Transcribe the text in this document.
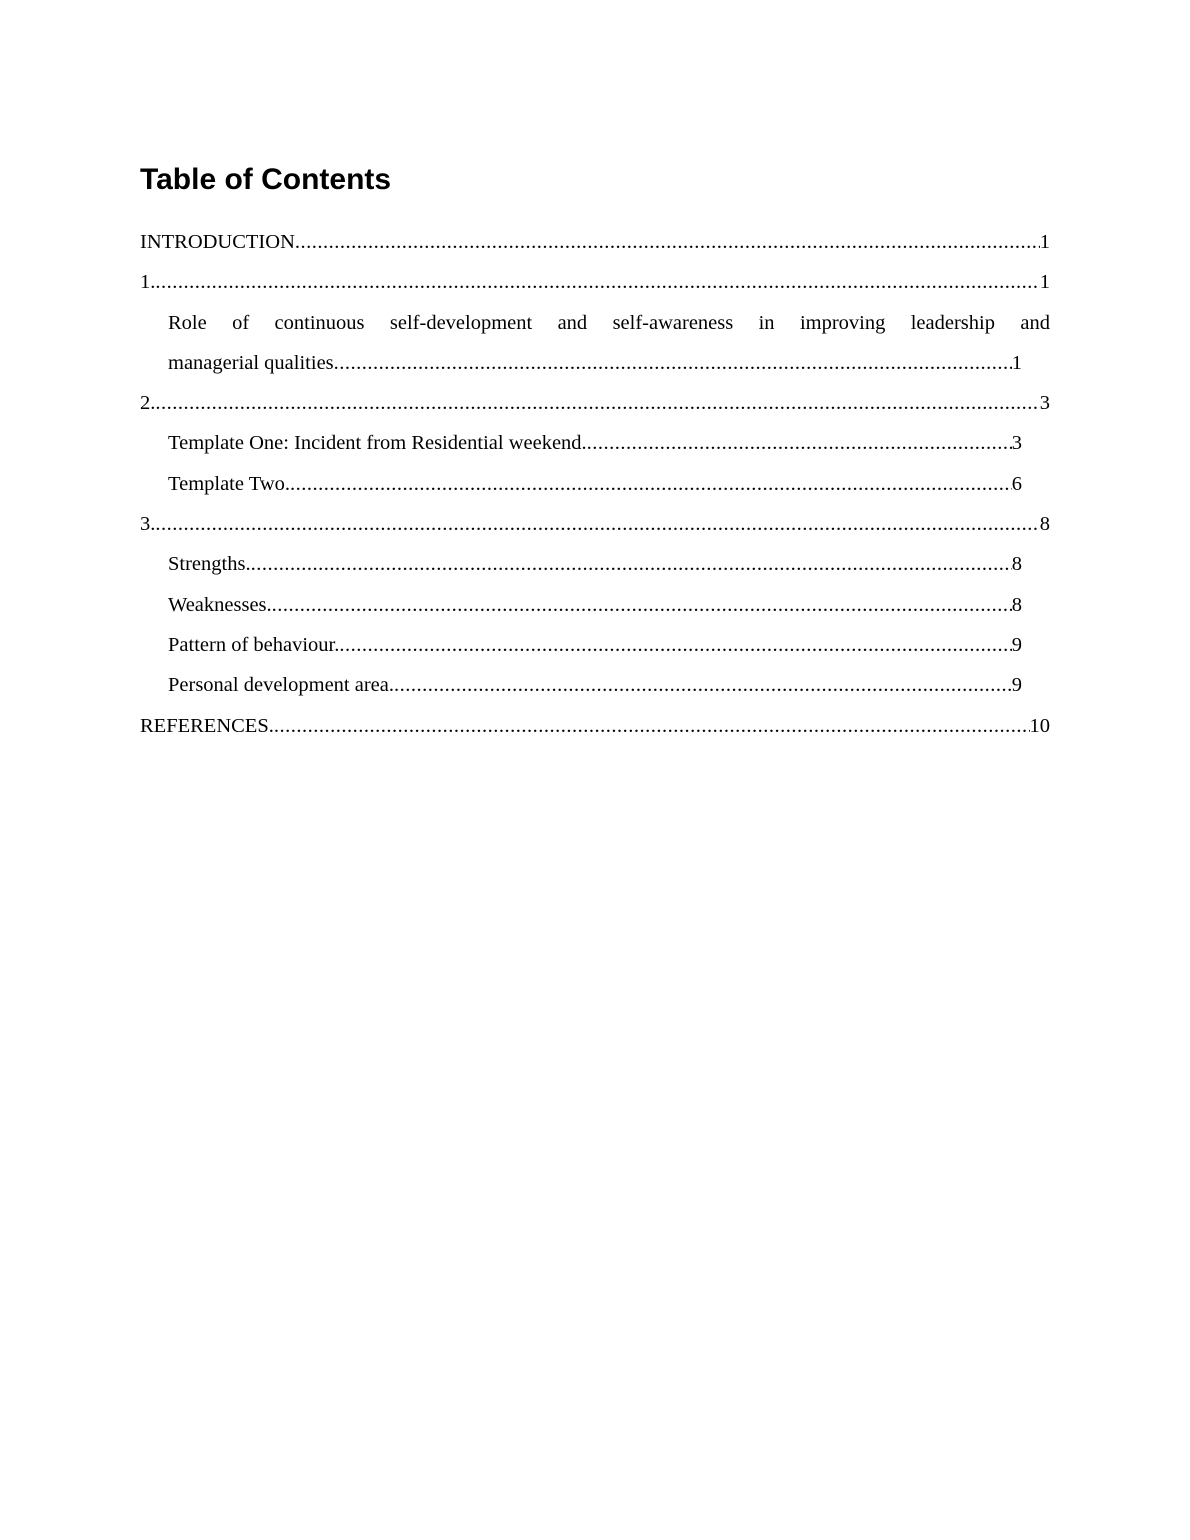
Table of Contents
INTRODUCTION .....	1
1. .....	1
Role of continuous self-development and self-awareness in improving leadership and
managerial qualities .....	1
2. .....	3
Template One: Incident from Residential weekend. .....	3
Template Two. .....	6
3. .....	8
Strengths. .....	8
Weaknesses. .....	8
Pattern of behaviour. .....	9
Personal development area. .....	9
REFERENCES. .....	10
